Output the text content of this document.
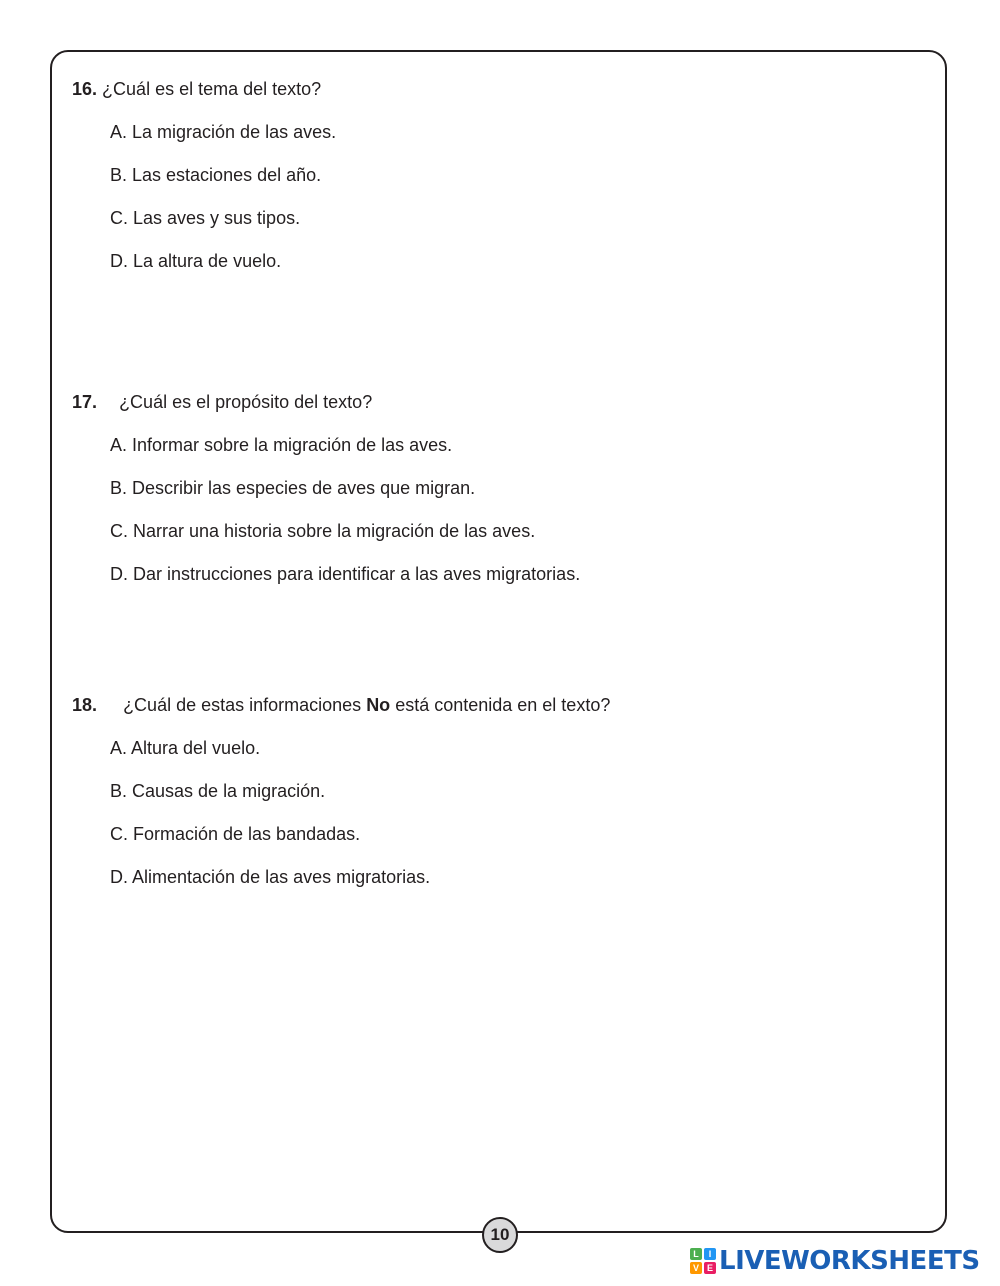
16. ¿Cuál es el tema del texto?
A. La migración de las aves.
B. Las estaciones del año.
C. Las aves y sus tipos.
D. La altura de vuelo.
17. ¿Cuál es el propósito del texto?
A. Informar sobre la migración de las aves.
B. Describir las especies de aves que migran.
C. Narrar una historia sobre la migración de las aves.
D. Dar instrucciones para identificar a las aves migratorias.
18. ¿Cuál de estas informaciones No está contenida en el texto?
A. Altura del vuelo.
B. Causas de la migración.
C. Formación de las bandadas.
D. Alimentación de las aves migratorias.
10
L	I
V E LIVEWORKSHEETS
